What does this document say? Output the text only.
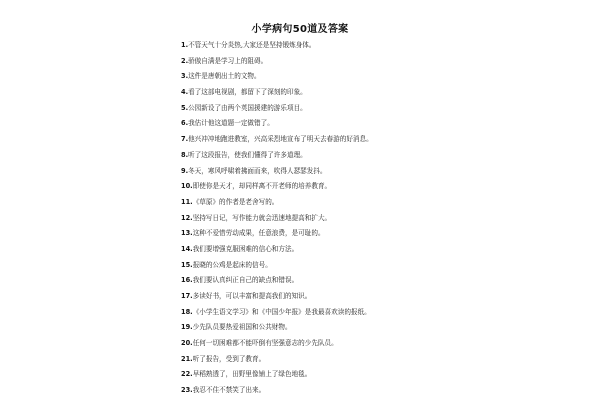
小学病句50道及答案
1.不管天气十分炎热,大家还是坚持锻炼身体。
2.骄傲自满是学习上的阻碍。
3.这件是唐朝出土的文物。
4.看了这部电视剧，都留下了深刻的印象。
5.公园新设了由两个英国援建的游乐项目。
6.我估计他这道题一定做错了。
7.他兴冲冲地跑进教室，兴高采烈地宣布了明天去春游的好消息。
8.听了这段报告，使我们懂得了许多道理。
9.冬天，寒风呼啸着拂面而来，吹得人瑟瑟发抖。
10.即使你是天才，却同样离不开老师的培养教育。
11.《草原》的作者是老舍写的。
12.坚持写日记，写作能力就会迅速地提高和扩大。
13.这种不爱惜劳动成果，任意浪费，是可耻的。
14.我们要增强克服困难的信心和方法。
15.报晓的公鸡是起床的信号。
16.我们要认真纠正自己的缺点和错误。
17.多读好书，可以丰富和提高我们的知识。
18.《小学生语文学习》和《中国少年报》是我最喜欢读的报纸。
19.少先队员要热爱祖国和公共财物。
20.任何一切困难都不能吓倒有坚强意志的少先队员。
21.听了报告，受到了教育。
22.早稻熟透了，田野里像铺上了绿色地毯。
23.我忍不住不禁笑了出来。
